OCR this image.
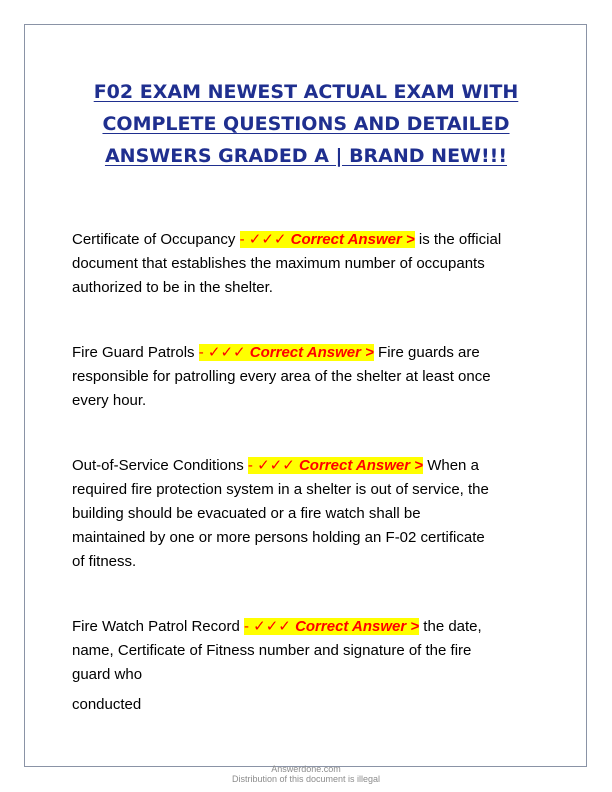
F02 EXAM NEWEST ACTUAL EXAM WITH
COMPLETE QUESTIONS AND DETAILED
ANSWERS GRADED A | BRAND NEW!!!
Certificate of Occupancy - ✓✓✓ Correct Answer > is the official
document that establishes the maximum number of occupants
authorized to be in the shelter.
Fire Guard Patrols - ✓✓✓ Correct Answer > Fire guards are
responsible for patrolling every area of the shelter at least once
every hour.
Out-of-Service Conditions - ✓✓✓ Correct Answer > When a
required fire protection system in a shelter is out of service, the
building should be evacuated or a fire watch shall be
maintained by one or more persons holding an F-02 certificate
of fitness.
Fire Watch Patrol Record - ✓✓✓ Correct Answer > the date,
name, Certificate of Fitness number and signature of the fire
guard who
conducted
Answerdone.com
Distribution of this document is illegal
